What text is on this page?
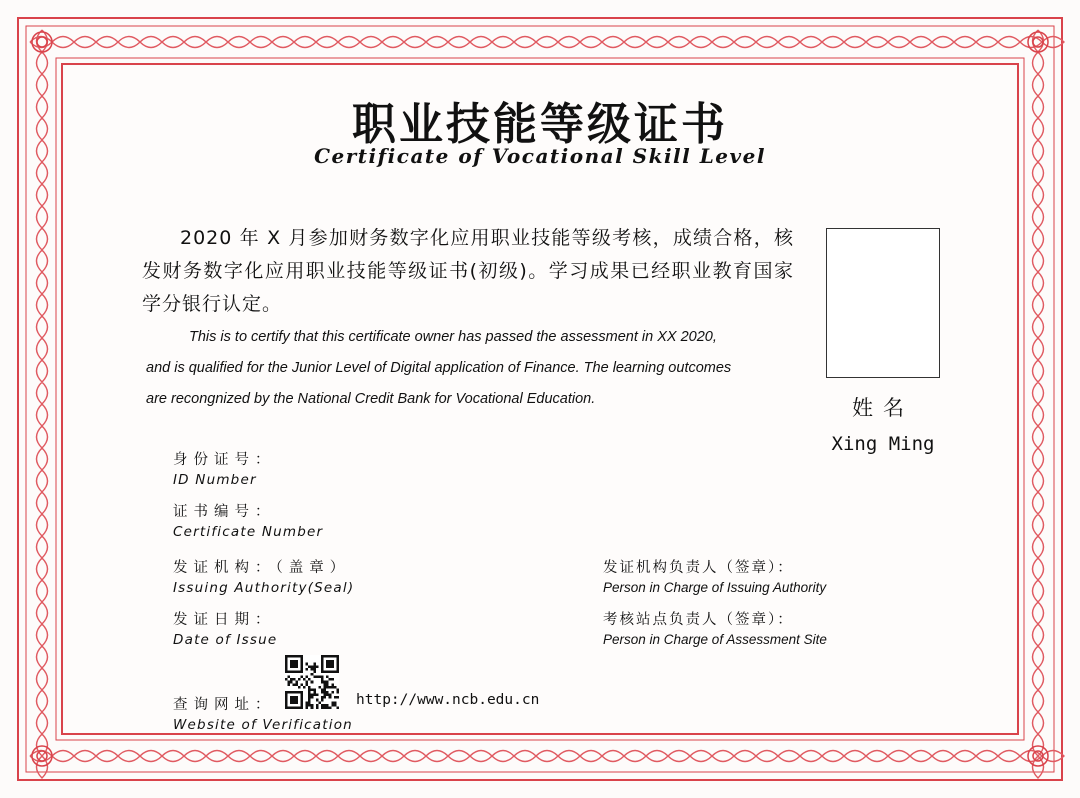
职业技能等级证书
Certificate of Vocational Skill Level
2020 年 X 月参加财务数字化应用职业技能等级考核，成绩合格，核发财务数字化应用职业技能等级证书(初级)。学习成果已经职业教育国家学分银行认定。
This is to certify that this certificate owner has passed the assessment in XX 2020,
and is qualified for the Junior Level of Digital application of Finance. The learning outcomes
are recongnized by the National Credit Bank for Vocational Education.	姓名
Xing Ming
身份证号：
ID Number
证书编号：
Certificate Number
发证机构：（盖章）
Issuing Authority(Seal)
发证日期：
Date of Issue
查询网址：
Website of Verification
发证机构负责人（签章）：
Person in Charge of Issuing Authority
考核站点负责人（签章）：
Person in Charge of Assessment Site
http://www.ncb.edu.cn
